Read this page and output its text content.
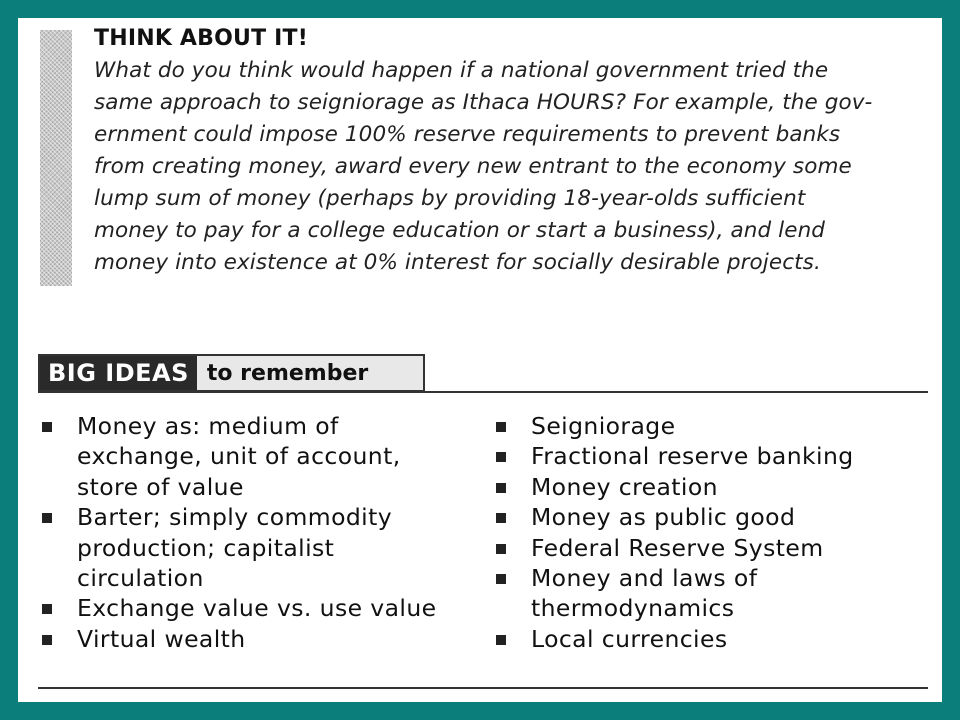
THINK ABOUT IT!
What do you think would happen if a national government tried the
same approach to seigniorage as Ithaca HOURS? For example, the gov-
ernment could impose 100% reserve requirements to prevent banks
from creating money, award every new entrant to the economy some
lump sum of money (perhaps by providing 18-year-olds sufficient
money to pay for a college education or start a business), and lend
money into existence at 0% interest for socially desirable projects.
BIG IDEAS to remember
Money as: medium of
exchange, unit of account,
store of value
Barter; simply commodity
production; capitalist
circulation
Exchange value vs. use value
Virtual wealth
Seigniorage
Fractional reserve banking
Money creation
Money as public good
Federal Reserve System
Money and laws of
thermodynamics
Local currencies
